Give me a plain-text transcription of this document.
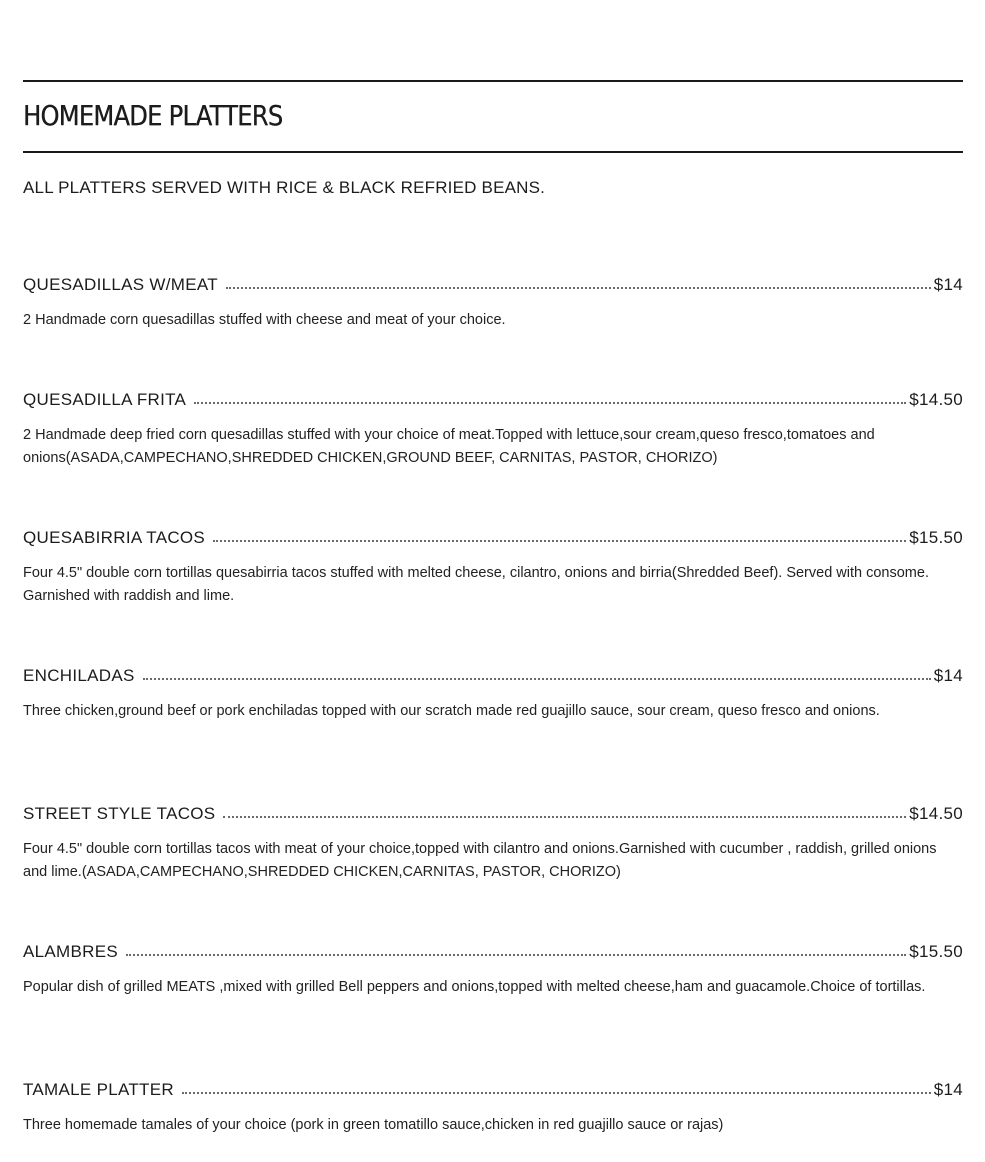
HOMEMADE PLATTERS

ALL PLATTERS SERVED WITH RICE & BLACK REFRIED BEANS.

QUESADILLAS W/MEAT	$14

2 Handmade corn quesadillas stuffed with cheese and meat of your choice.

QUESADILLA FRITA	$14.50

2 Handmade deep fried corn quesadillas stuffed with your choice of meat.Topped with lettuce,sour cream,queso fresco,tomatoes and onions(ASADA,CAMPECHANO,SHREDDED CHICKEN,GROUND BEEF, CARNITAS, PASTOR, CHORIZO)

QUESABIRRIA TACOS	$15.50

Four 4.5" double corn tortillas quesabirria tacos stuffed with melted cheese, cilantro, onions and birria(Shredded Beef). Served with consome. Garnished with raddish and lime.

ENCHILADAS	$14

Three chicken,ground beef or pork enchiladas topped with our scratch made red guajillo sauce, sour cream, queso fresco and onions.

STREET STYLE TACOS	$14.50

Four 4.5" double corn tortillas tacos with meat of your choice,topped with cilantro and onions.Garnished with cucumber , raddish, grilled onions and lime.(ASADA,CAMPECHANO,SHREDDED CHICKEN,CARNITAS, PASTOR, CHORIZO)

ALAMBRES	$15.50

Popular dish of grilled MEATS ,mixed with grilled Bell peppers and onions,topped with melted cheese,ham and guacamole.Choice of tortillas.

TAMALE PLATTER	$14

Three homemade tamales of your choice (pork in green tomatillo sauce,chicken in red guajillo sauce or rajas)
